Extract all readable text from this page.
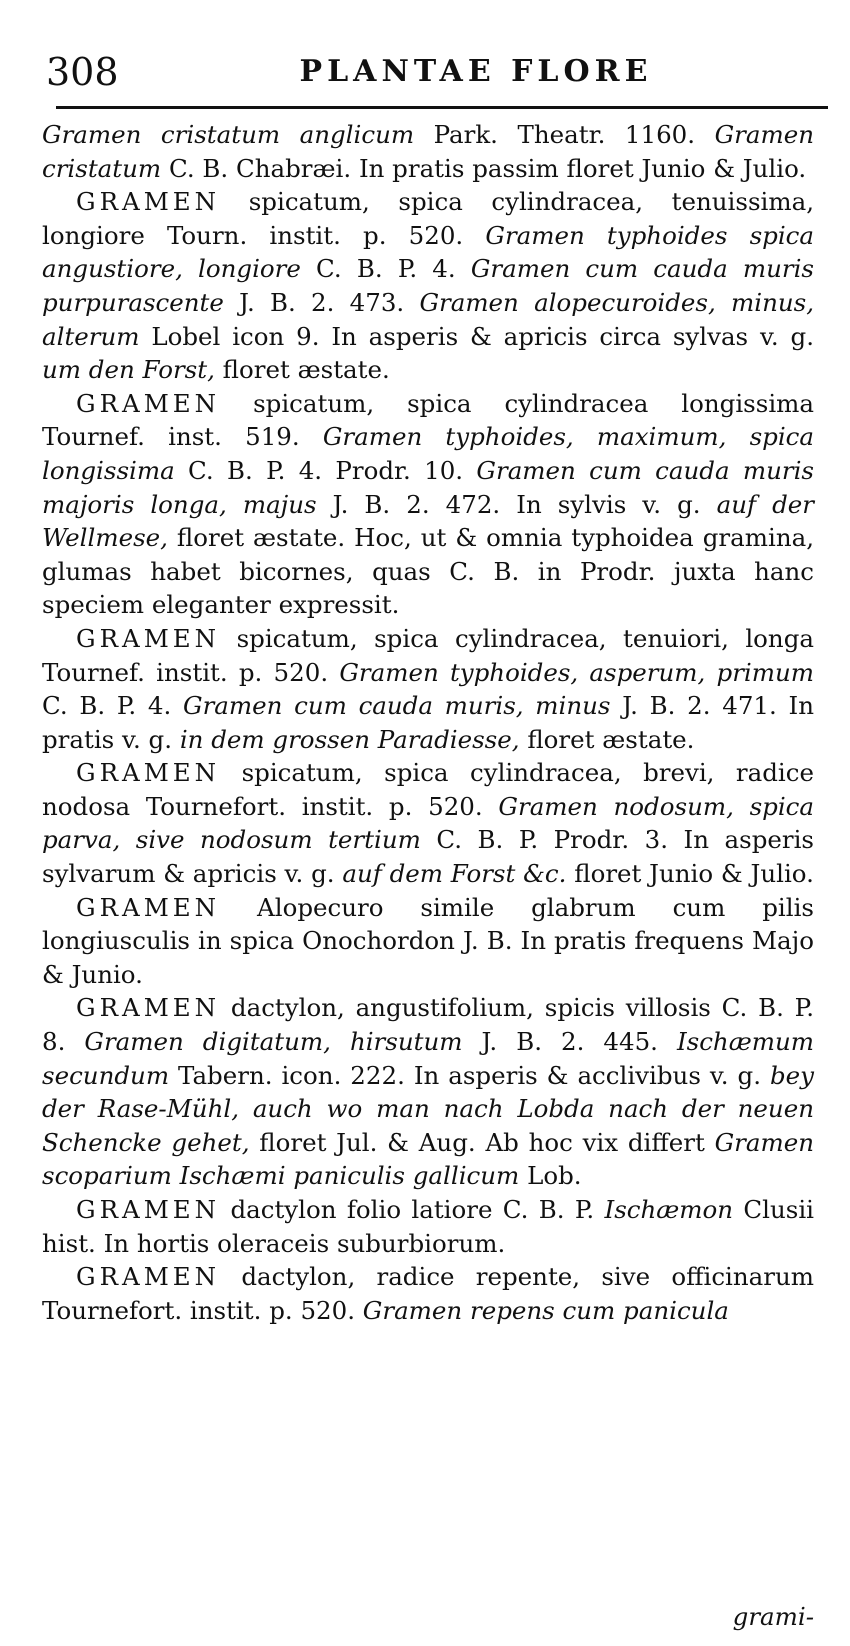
308	PLANTAE FLORE

Gramen cristatum anglicum Park. Theatr. 1160. Gramen cristatum C. B. Chabræi. In pratis passim floret Junio & Julio.

GRAMEN spicatum, spica cylindracea, tenuissima, longiore Tourn. instit. p. 520. Gramen typhoides spica angustiore, longiore C. B. P. 4. Gramen cum cauda muris purpurascente J. B. 2. 473. Gramen alopecuroides, minus, alterum Lobel icon 9. In asperis & apricis circa sylvas v. g. um den Forst, floret æstate.

GRAMEN spicatum, spica cylindracea longissima Tournef. inst. 519. Gramen typhoides, maximum, spica longissima C. B. P. 4. Prodr. 10. Gramen cum cauda muris majoris longa, majus J. B. 2. 472. In sylvis v. g. auf der Wellmese, floret æstate. Hoc, ut & omnia typhoidea gramina, glumas habet bicornes, quas C. B. in Prodr. juxta hanc speciem eleganter expressit.

GRAMEN spicatum, spica cylindracea, tenuiori, longa Tournef. instit. p. 520. Gramen typhoides, asperum, primum C. B. P. 4. Gramen cum cauda muris, minus J. B. 2. 471. In pratis v. g. in dem grossen Paradiesse, floret æstate.

GRAMEN spicatum, spica cylindracea, brevi, radice nodosa Tournefort. instit. p. 520. Gramen nodosum, spica parva, sive nodosum tertium C. B. P. Prodr. 3. In asperis sylvarum & apricis v. g. auf dem Forst &c. floret Junio & Julio.

GRAMEN Alopecuro simile glabrum cum pilis longiusculis in spica Onochordon J. B. In pratis frequens Majo & Junio.

GRAMEN dactylon, angustifolium, spicis villosis C. B. P. 8. Gramen digitatum, hirsutum J. B. 2. 445. Ischæmum secundum Tabern. icon. 222. In asperis & acclivibus v. g. bey der Rase-Mühl, auch wo man nach Lobda nach der neuen Schencke gehet, floret Jul. & Aug. Ab hoc vix differt Gramen scoparium Ischæmi paniculis gallicum Lob.

GRAMEN dactylon folio latiore C. B. P. Ischæmon Clusii hist. In hortis oleraceis suburbiorum.

GRAMEN dactylon, radice repente, sive officinarum Tournefort. instit. p. 520. Gramen repens cum panicula

grami-
